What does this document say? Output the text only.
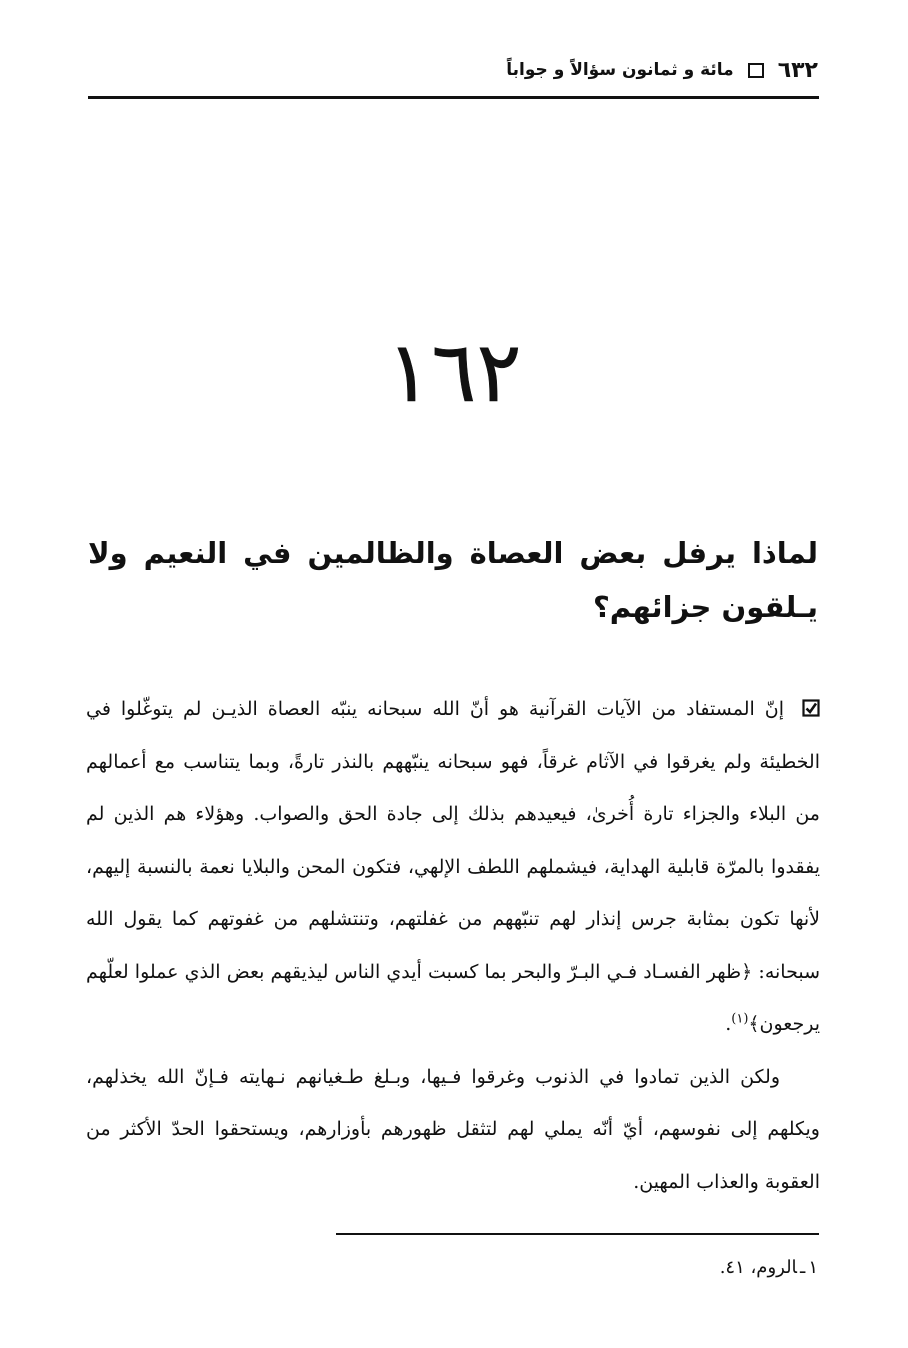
٦٣٢
مائة و ثمانون سؤالاً و جواباً
١٦٢
لماذا يرفل بعض العصاة والظالمين في النعيم ولا يـلقون جزائهم؟

إنّ المستفاد من الآيات القرآنية هو أنّ الله سبحانه ينبّه العصاة الذيـن لم يتوغّلوا في الخطيئة ولم يغرقوا في الآثام غرقاً، فهو سبحانه ينبّههم بالنذر تارةً، وبما يتناسب مع أعمالهم من البلاء والجزاء تارة أُخرىٰ، فيعيدهم بذلك إلى جادة الحق والصواب. وهؤلاء هم الذين لم يفقدوا بالمرّة قابلية الهداية، فيشملهم اللطف الإلهي، فتكون المحن والبلايا نعمة بالنسبة إليهم، لأنها تكون بمثابة جرس إنذار لهم تنبّههم من غفلتهم، وتنتشلهم من غفوتهم كما يقول الله سبحانه: ﴿ظهر الفسـاد فـي البـرّ والبحر بما كسبت أيدي الناس ليذيقهم بعض الذي عملوا لعلّهم يرجعون﴾$^{(١)}$.

ولكن الذين تمادوا في الذنوب وغرقوا فـيها، وبـلغ طـغيانهم نـهايته فـإنّ الله يخذلهم، ويكلهم إلى نفوسهم، أيّ أنّه يملي لهم لتثقل ظهورهم بأوزارهم، ويستحقوا الحدّ الأكثر من العقوبة والعذاب المهين.

١ـالروم، ٤١.
